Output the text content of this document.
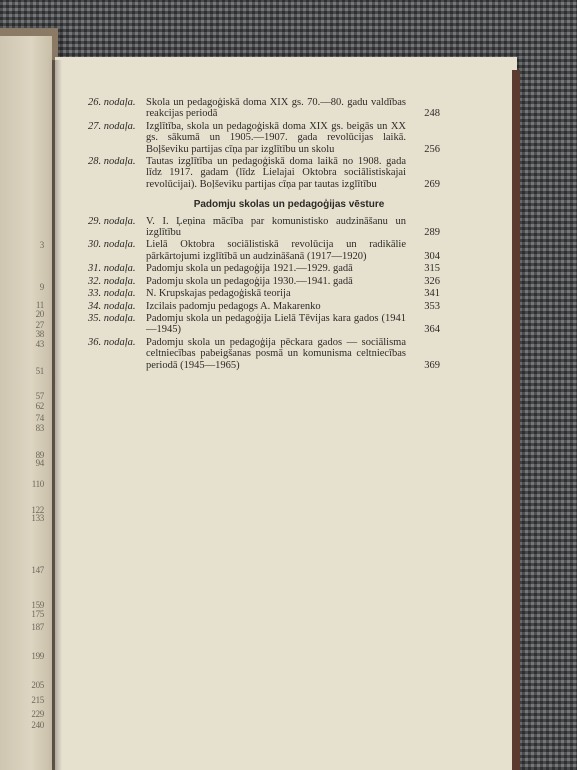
3
9
11
20
27
38
43
51
57
62
74
83
89
94
110
122
133
147
159
175
187
199
205
215
229
240
26. nodaļa. Skola un pedagoģiskā doma XIX gs. 70.—80. gadu valdības reakcijas periodā	248
27. nodaļa. Izglītība, skola un pedagoģiskā doma XIX gs. beigās un XX gs. sākumā un 1905.—1907. gada revolūcijas laikā. Boļševiku partijas cīņa par izglītību un skolu	256
28. nodaļa. Tautas izglītība un pedagoģiskā doma laikā no 1908. gada līdz 1917. gadam (līdz Lielajai Oktobra sociālistiskajai revolūcijai). Boļševiku partijas cīņa par tautas izglītību	269
Padomju skolas un pedagoģijas vēsture
29. nodaļa. V. I. Ļeņina mācība par komunistisko audzināšanu un izglītību	289
30. nodaļa. Lielā Oktobra sociālistiskā revolūcija un radikālie pārkārtojumi izglītībā un audzināšanā (1917—1920)	304
31. nodaļa. Padomju skola un pedagoģija 1921.—1929. gadā	315
32. nodaļa. Padomju skola un pedagoģija 1930.—1941. gadā	326
33. nodaļa. N. Krupskajas pedagoģiskā teorija	341
34. nodaļa. Izcilais padomju pedagogs A. Makarenko	353
35. nodaļa. Padomju skola un pedagoģija Lielā Tēvijas kara gados (1941—1945)	364
36. nodaļa. Padomju skola un pedagoģija pēckara gados — sociālisma celtniecības pabeigšanas posmā un komunisma celtniecības periodā (1945—1965)	369
